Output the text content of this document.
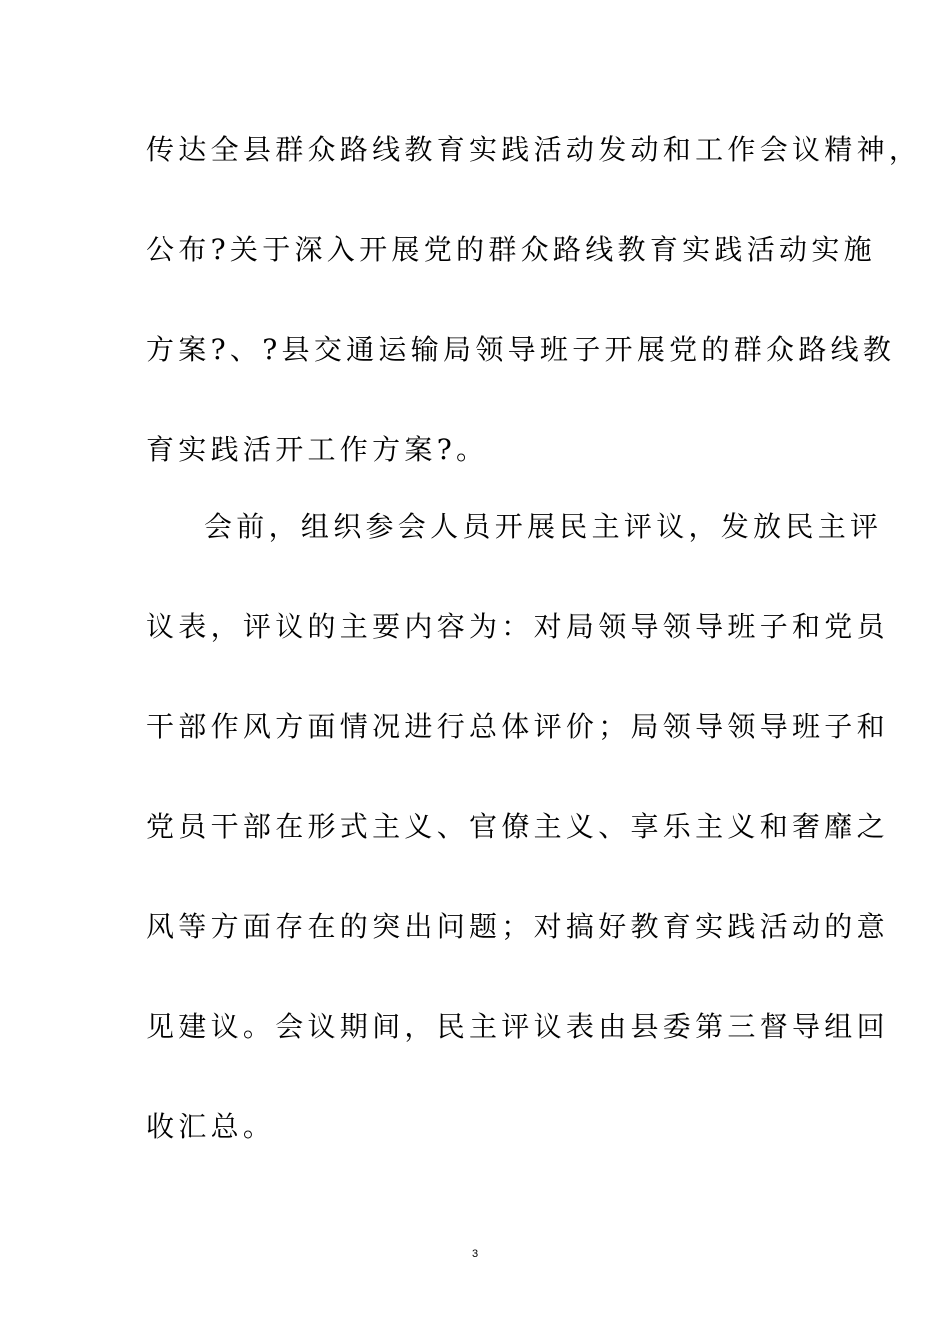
传达全县群众路线教育实践活动发动和工作会议精神，
公布?关于深入开展党的群众路线教育实践活动实施
方案?、?县交通运输局领导班子开展党的群众路线教
育实践活开工作方案?。
会前，组织参会人员开展民主评议，发放民主评
议表，评议的主要内容为：对局领导领导班子和党员
干部作风方面情况进行总体评价；局领导领导班子和
党员干部在形式主义、官僚主义、享乐主义和奢靡之
风等方面存在的突出问题；对搞好教育实践活动的意
见建议。会议期间，民主评议表由县委第三督导组回
收汇总。
3
